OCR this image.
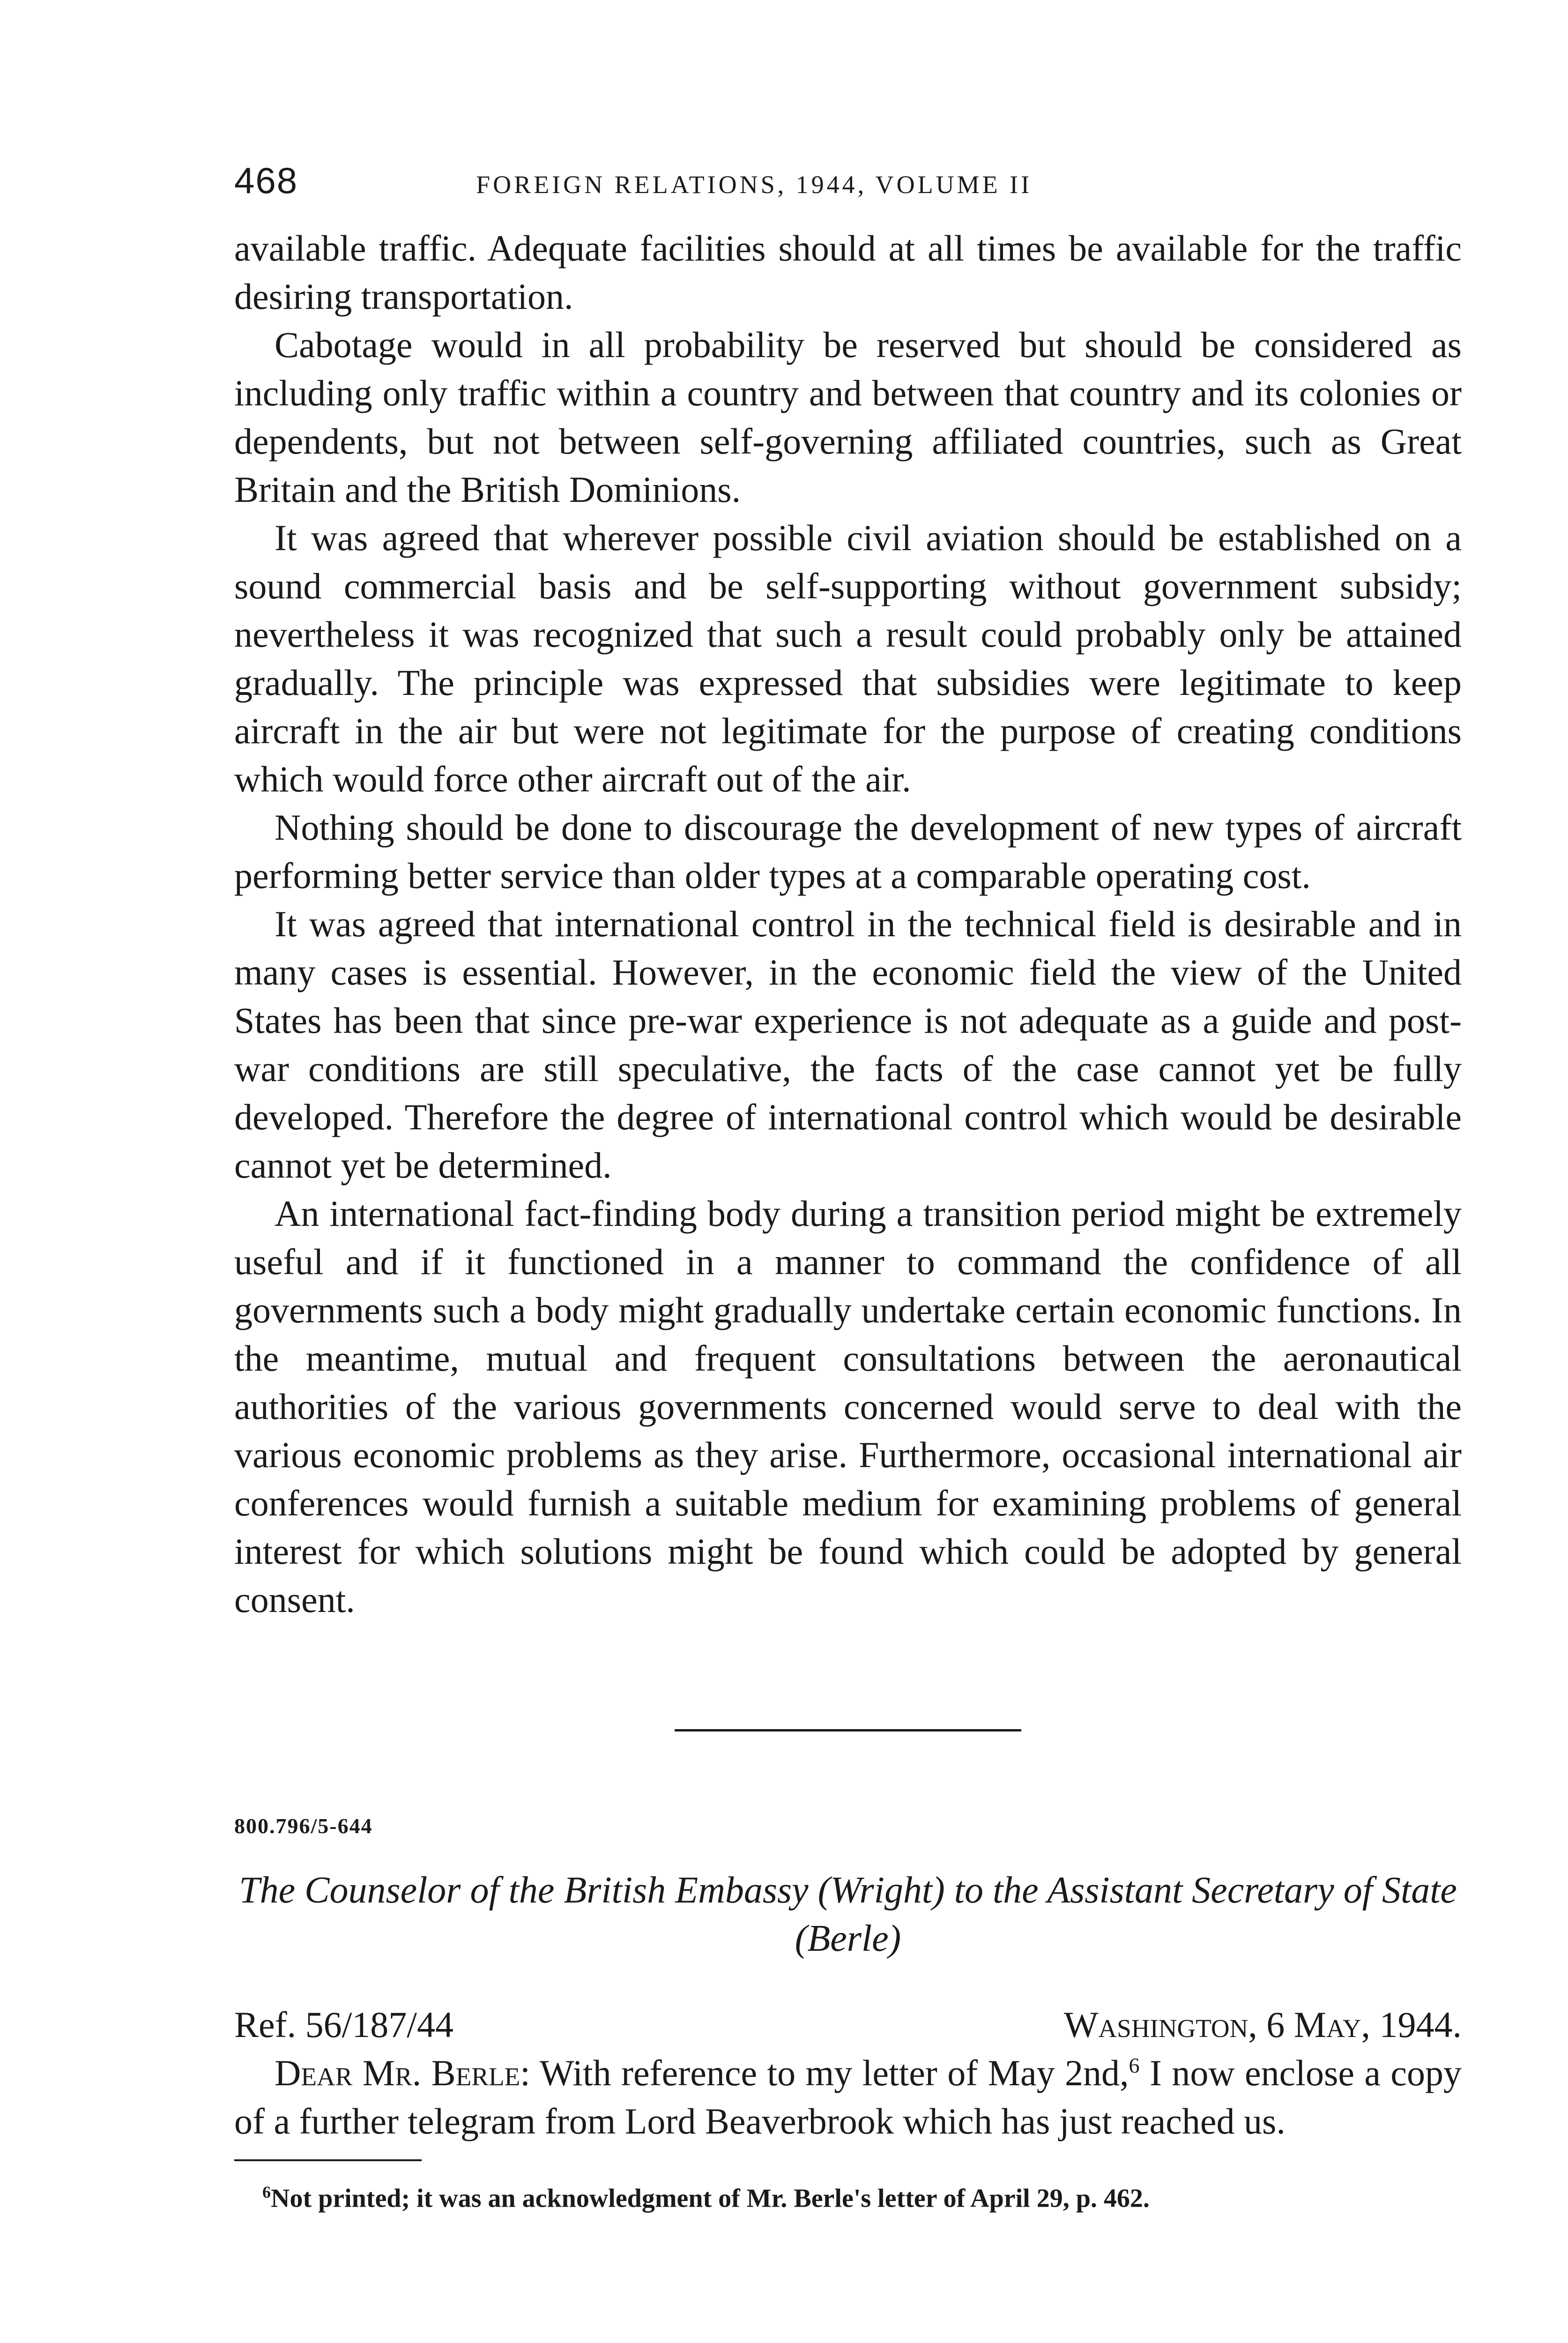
468	FOREIGN RELATIONS, 1944, VOLUME II

available traffic. Adequate facilities should at all times be available for the traffic desiring transportation.

Cabotage would in all probability be reserved but should be considered as including only traffic within a country and between that country and its colonies or dependents, but not between self-governing affiliated countries, such as Great Britain and the British Dominions.

It was agreed that wherever possible civil aviation should be established on a sound commercial basis and be self-supporting without government subsidy; nevertheless it was recognized that such a result could probably only be attained gradually. The principle was expressed that subsidies were legitimate to keep aircraft in the air but were not legitimate for the purpose of creating conditions which would force other aircraft out of the air.

Nothing should be done to discourage the development of new types of aircraft performing better service than older types at a comparable operating cost.

It was agreed that international control in the technical field is desirable and in many cases is essential. However, in the economic field the view of the United States has been that since pre-war experience is not adequate as a guide and post-war conditions are still speculative, the facts of the case cannot yet be fully developed. Therefore the degree of international control which would be desirable cannot yet be determined.

An international fact-finding body during a transition period might be extremely useful and if it functioned in a manner to command the confidence of all governments such a body might gradually undertake certain economic functions. In the meantime, mutual and frequent consultations between the aeronautical authorities of the various governments concerned would serve to deal with the various economic problems as they arise. Furthermore, occasional international air conferences would furnish a suitable medium for examining problems of general interest for which solutions might be found which could be adopted by general consent.

800.796/5-644
The Counselor of the British Embassy (Wright) to the Assistant Secretary of State (Berle)
Ref. 56/187/44	Washington, 6 May, 1944.

Dear Mr. Berle: With reference to my letter of May 2nd,$^6$ I now enclose a copy of a further telegram from Lord Beaverbrook which has just reached us.

$^6$Not printed; it was an acknowledgment of Mr. Berle's letter of April 29, p. 462.
